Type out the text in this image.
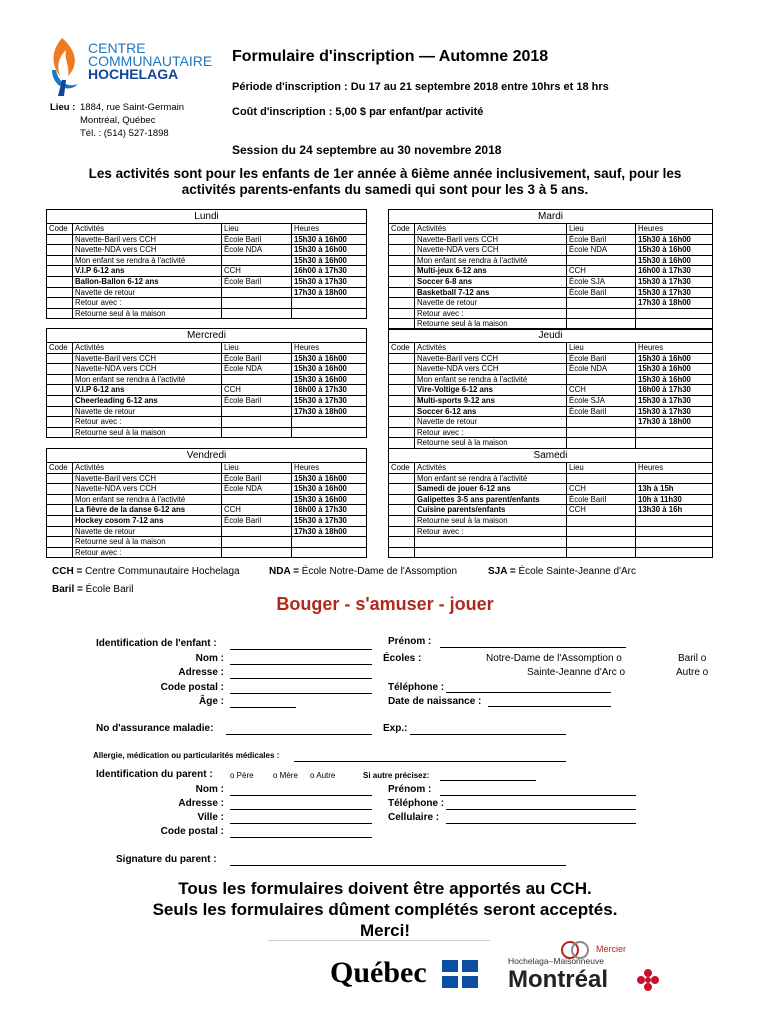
CENTRE
COMMUNAUTAIRE
HOCHELAGA
Lieu : 1884, rue Saint-Germain
Montréal, Québec
Tél. : (514) 527-1898
Formulaire d'inscription — Automne 2018
Période d'inscription : Du 17 au 21 septembre 2018 entre 10hrs et 18 hrs
Coût d'inscription : 5,00 $ par enfant/par activité
Session du 24 septembre au 30 novembre 2018
Les activités sont pour les enfants de 1er année à 6ième année inclusivement, sauf, pour les
activités parents-enfants du samedi qui sont pour les 3 à 5 ans.
Lundi			
Code	Activités	Lieu	Heures
	Navette-Baril vers CCH	École Baril	15h30 à 16h00
	Navette-NDA vers CCH	École NDA	15h30 à 16h00
	Mon enfant se rendra à l'activité		15h30 à 16h00
	V.I.P 6-12 ans	CCH	16h00 à 17h30
	Ballon-Ballon 6-12 ans	École Baril	15h30 à 17h30
	Navette de retour		17h30 à 18h00
	Retour avec :		
	Retourne seul à la maison		
Mardi			
Code	Activités	Lieu	Heures
	Navette-Baril vers CCH	École Baril	15h30 à 16h00
	Navette-NDA vers CCH	École NDA	15h30 à 16h00
	Mon enfant se rendra à l'activité		15h30 à 16h00
	Multi-jeux 6-12 ans	CCH	16h00 à 17h30
	Soccer 6-8 ans	École SJA	15h30 à 17h30
	Basketball 7-12 ans	École Baril	15h30 à 17h30
	Navette de retour		17h30 à 18h00
	Retour avec :		
	Retourne seul à la maison		
Mercredi			
Code	Activités	Lieu	Heures
	Navette-Baril vers CCH	École Baril	15h30 à 16h00
	Navette-NDA vers CCH	École NDA	15h30 à 16h00
	Mon enfant se rendra à l'activité		15h30 à 16h00
	V.I.P 6-12 ans	CCH	16h00 à 17h30
	Cheerleading 6-12 ans	École Baril	15h30 à 17h30
	Navette de retour		17h30 à 18h00
	Retour avec :		
	Retourne seul à la maison		
Jeudi			
Code	Activités	Lieu	Heures
	Navette-Baril vers CCH	École Baril	15h30 à 16h00
	Navette-NDA vers CCH	École NDA	15h30 à 16h00
	Mon enfant se rendra à l'activité		15h30 à 16h00
	Vire-Voltige 6-12 ans	CCH	16h00 à 17h30
	Multi-sports 9-12 ans	École SJA	15h30 à 17h30
	Soccer 6-12 ans	École Baril	15h30 à 17h30
	Navette de retour		17h30 à 18h00
	Retour avec :		
	Retourne seul à la maison		
Vendredi			
Code	Activités	Lieu	Heures
	Navette-Baril vers CCH	École Baril	15h30 à 16h00
	Navette-NDA vers CCH	École NDA	15h30 à 16h00
	Mon enfant se rendra à l'activité		15h30 à 16h00
	La fièvre de la danse 6-12 ans	CCH	16h00 à 17h30
	Hockey cosom 7-12 ans	École Baril	15h30 à 17h30
	Navette de retour		17h30 à 18h00
	Retourne seul à la maison		
	Retour avec :		
Samedi			
Code	Activités	Lieu	Heures
	Mon enfant se rendra à l'activité		
	Samedi de jouer 6-12 ans	CCH	13h à 15h
	Galipettes 3-5 ans parent/enfants	École Baril	10h à 11h30
	Cuisine parents/enfants	CCH	13h30 à 16h
	Retourne seul à la maison		
	Retour avec :		

CCH = Centre Communautaire Hochelaga	NDA = École Notre-Dame de l'Assomption	SJA = École Sainte-Jeanne d'Arc
Baril = École Baril
Bouger - s'amuser - jouer
Identification de l'enfant :
Nom :
Adresse :
Code postal :
Âge :
Prénom :
Écoles :	Notre-Dame de l'Assomption o	Baril o
Sainte-Jeanne d'Arc o	Autre o
Téléphone :
Date de naissance :
No d'assurance maladie:	Exp.:
Allergie, médication ou particularités médicales :
Identification du parent : o Père o Mère o Autre	Si autre précisez:
Nom :	Prénom :
Adresse :	Téléphone :
Ville :	Cellulaire :
Code postal :
Signature du parent :
Tous les formulaires doivent être apportés au CCH.
Seuls les formulaires dûment complétés seront acceptés.
Merci!
Québec
Mercier
Hochelaga–Maisonneuve
Montréal
